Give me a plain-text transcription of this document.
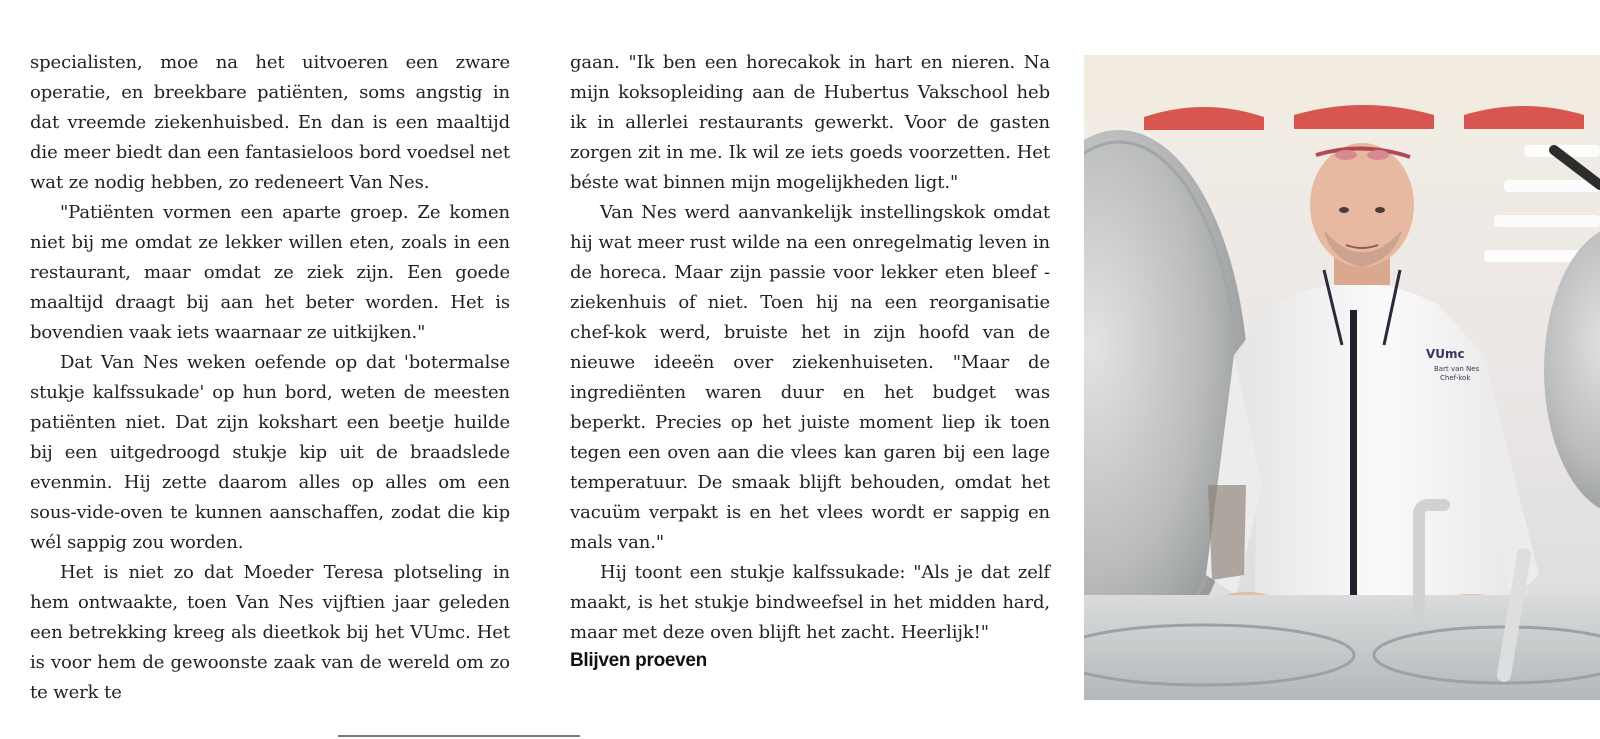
specialisten, moe na het uitvoeren een zware operatie, en breekbare patiënten, soms angstig in dat vreemde ziekenhuisbed. En dan is een maaltijd die meer biedt dan een fantasieloos bord voedsel net wat ze nodig hebben, zo redeneert Van Nes.

"Patiënten vormen een aparte groep. Ze komen niet bij me omdat ze lekker willen eten, zoals in een restaurant, maar omdat ze ziek zijn. Een goede maaltijd draagt bij aan het beter worden. Het is bovendien vaak iets waarnaar ze uitkijken."

Dat Van Nes weken oefende op dat 'botermalse stukje kalfssukade' op hun bord, weten de meesten patiënten niet. Dat zijn kokshart een beetje huilde bij een uitgedroogd stukje kip uit de braadslede evenmin. Hij zette daarom alles op alles om een sous-vide-oven te kunnen aanschaffen, zodat die kip wél sappig zou worden.

Het is niet zo dat Moeder Teresa plotseling in hem ontwaakte, toen Van Nes vijftien jaar geleden een betrekking kreeg als dieetkok bij het VUmc. Het is voor hem de gewoonste zaak van de wereld om zo te werk te

gaan. "Ik ben een horecakok in hart en nieren. Na mijn koksopleiding aan de Hubertus Vakschool heb ik in allerlei restaurants gewerkt. Voor de gasten zorgen zit in me. Ik wil ze iets goeds voorzetten. Het béste wat binnen mijn mogelijkheden ligt."

Van Nes werd aanvankelijk instellingskok omdat hij wat meer rust wilde na een onregelmatig leven in de horeca. Maar zijn passie voor lekker eten bleef - ziekenhuis of niet. Toen hij na een reorganisatie chef-kok werd, bruiste het in zijn hoofd van de nieuwe ideeën over ziekenhuiseten. "Maar de ingrediënten waren duur en het budget was beperkt. Precies op het juiste moment liep ik toen tegen een oven aan die vlees kan garen bij een lage temperatuur. De smaak blijft behouden, omdat het vacuüm verpakt is en het vlees wordt er sappig en mals van."

Hij toont een stukje kalfssukade: "Als je dat zelf maakt, is het stukje bindweefsel in het midden hard, maar met deze oven blijft het zacht. Heerlijk!"

Blijven proeven
VUmc
Bart van Nes
Chef-kok
